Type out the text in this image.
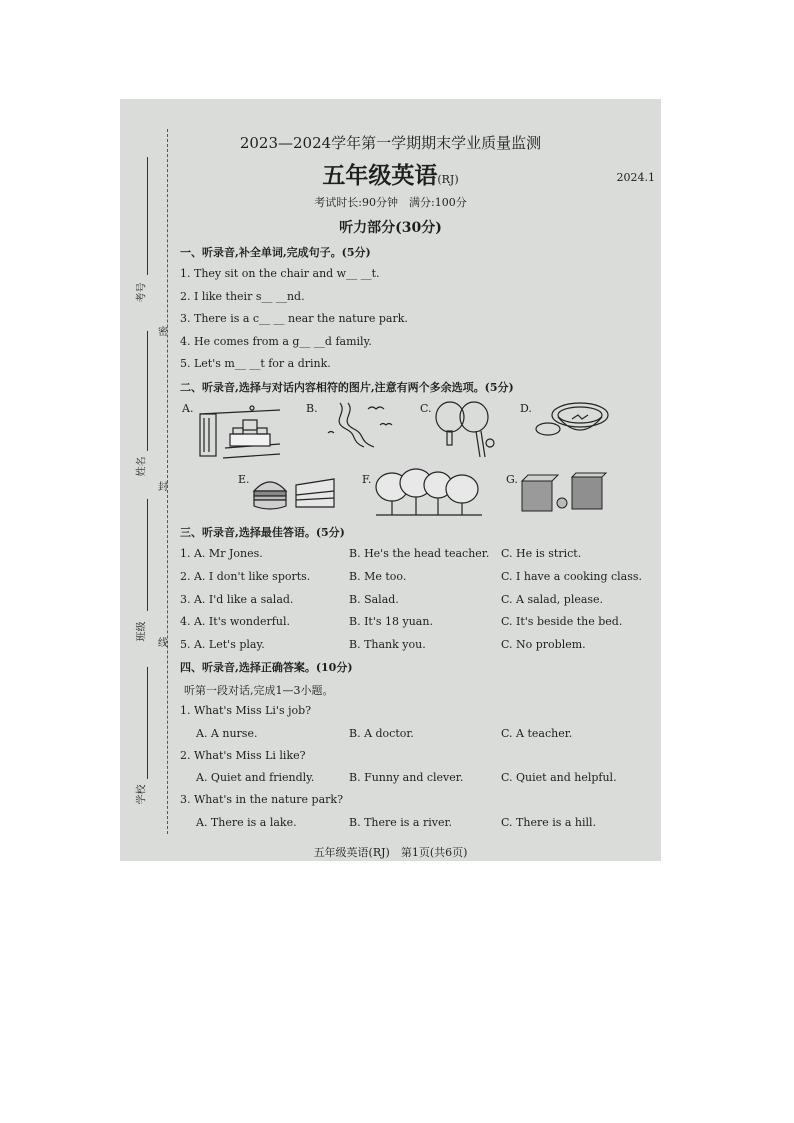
考号
姓名
班级
学校
密
封
线
2023—2024学年第一学期期末学业质量监测
五年级英语(RJ)	2024.1
考试时长:90分钟　满分:100分
听力部分(30分)
一、听录音,补全单词,完成句子。(5分)
1. They sit on the chair and w__ __t.
2. I like their s__ __nd.
3. There is a c__ __ near the nature park.
4. He comes from a g__ __d family.
5. Let's m__ __t for a drink.
二、听录音,选择与对话内容相符的图片,注意有两个多余选项。(5分)
A.	B.	C.	D.
E.	F.	G.
三、听录音,选择最佳答语。(5分)
1. A. Mr Jones.	B. He's the head teacher. C. He is strict.
2. A. I don't like sports.	B. Me too.	C. I have a cooking class.
3. A. I'd like a salad.	B. Salad.	C. A salad, please.
4. A. It's wonderful.	B. It's 18 yuan.	C. It's beside the bed.
5. A. Let's play.	B. Thank you.	C. No problem.
四、听录音,选择正确答案。(10分)
听第一段对话,完成1—3小题。
1. What's Miss Li's job?
A. A nurse.	B. A doctor.	C. A teacher.
2. What's Miss Li like?
A. Quiet and friendly.	B. Funny and clever.	C. Quiet and helpful.
3. What's in the nature park?
A. There is a lake.	B. There is a river.	C. There is a hill.
五年级英语(RJ)　第1页(共6页)
